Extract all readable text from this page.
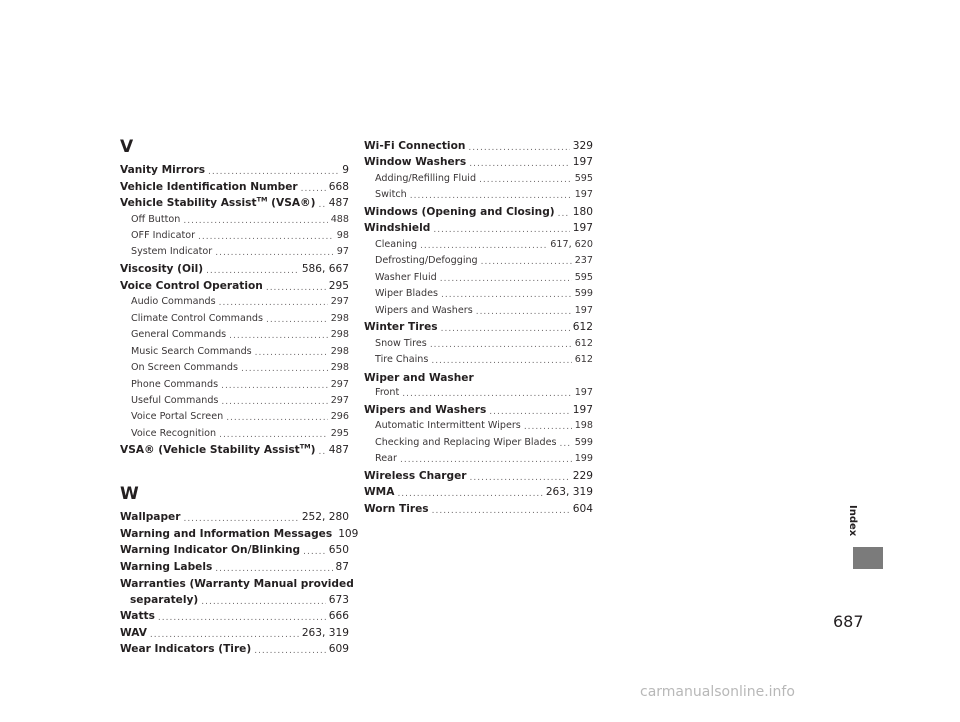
V
Vanity Mirrors .....	9
Vehicle Identification Number .....	668
Vehicle Stability Assist™ (VSA®) ..... 487
Off Button .....	488
OFF Indicator .....	98
System Indicator .....	97
Viscosity (Oil) .....	586, 667
Voice Control Operation .....	295
Audio Commands .....	297
Climate Control Commands .....	298
General Commands .....	298
Music Search Commands .....	298
On Screen Commands .....	298
Phone Commands .....	297
Useful Commands .....	297
Voice Portal Screen .....	296
Voice Recognition .....	295
VSA® (Vehicle Stability Assist™) ..... 487
W
Wallpaper .....	252, 280
Warning and Information Messages 109
Warning Indicator On/Blinking .....	650
Warning Labels .....	87
Warranties (Warranty Manual provided
separately) .....	673
Watts .....	666
WAV .....	263, 319
Wear Indicators (Tire) .....	609
Wi-Fi Connection .....	329
Window Washers .....	197
Adding/Refilling Fluid .....	595
Switch .....	197
Windows (Opening and Closing) ..... 180
Windshield .....	197
Cleaning .....	617, 620
Defrosting/Defogging .....	237
Washer Fluid .....	595
Wiper Blades .....	599
Wipers and Washers .....	197
Winter Tires .....	612
Snow Tires .....	612
Tire Chains .....	612
Wiper and Washer
Front .....	197
Wipers and Washers .....	197
Automatic Intermittent Wipers .....	198
Checking and Replacing Wiper Blades ..... 599
Rear .....	199
Wireless Charger .....	229
WMA .....	263, 319
Worn Tires .....	604	Index
687
carmanualsonline.info
